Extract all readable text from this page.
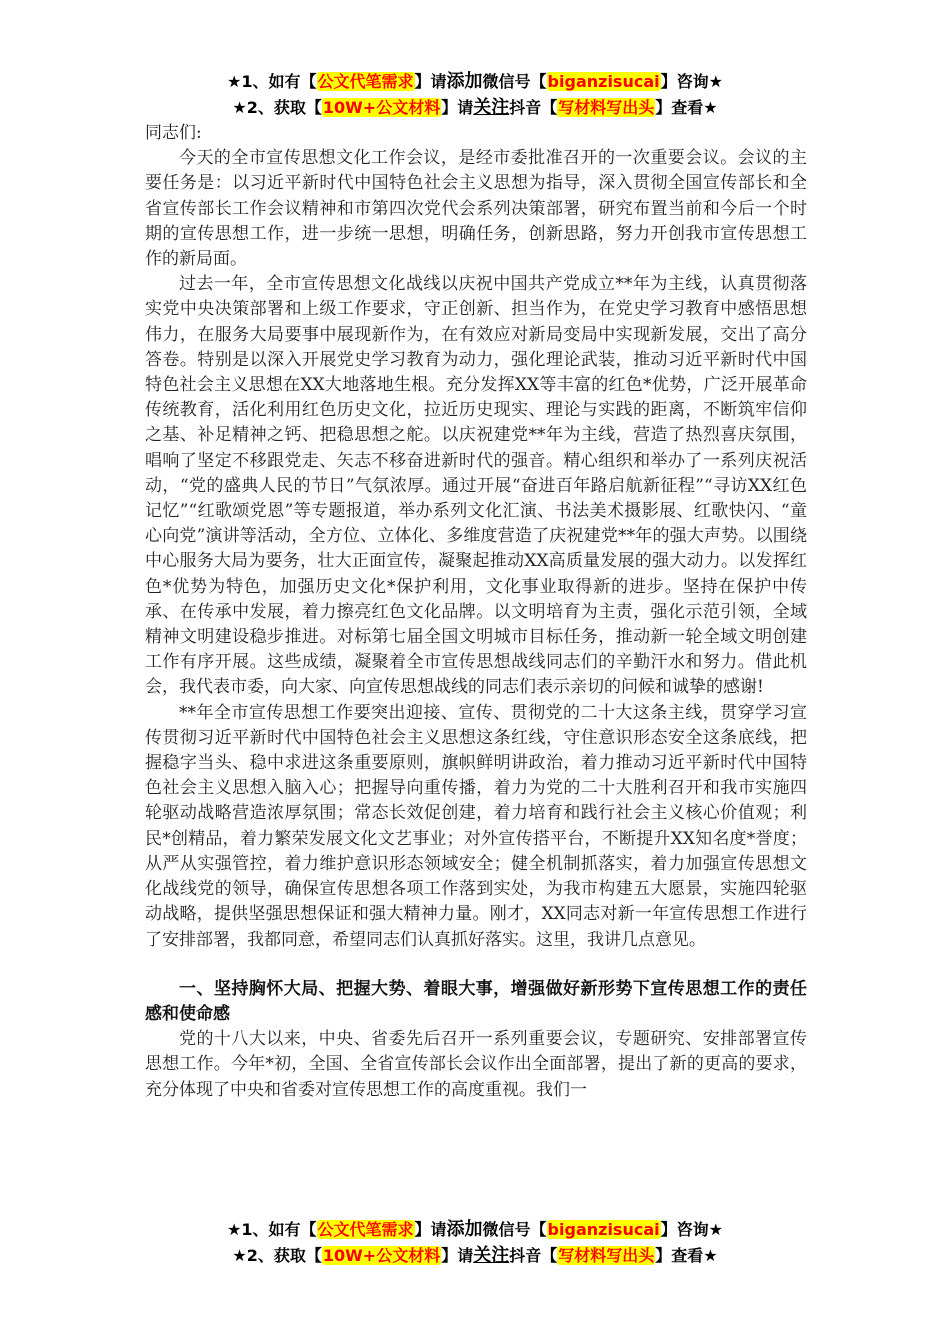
★1、如有【公文代笔需求】请添加微信号【biganzisucai】咨询★
★2、获取【10W+公文材料】请关注抖音【写材料写出头】查看★

同志们:

今天的全市宣传思想文化工作会议，是经市委批准召开的一次重要会议。会议的主要任务是：以习近平新时代中国特色社会主义思想为指导，深入贯彻全国宣传部长和全省宣传部长工作会议精神和市第四次党代会系列决策部署，研究布置当前和今后一个时期的宣传思想工作，进一步统一思想，明确任务，创新思路，努力开创我市宣传思想工作的新局面。

过去一年，全市宣传思想文化战线以庆祝中国共产党成立**年为主线，认真贯彻落实党中央决策部署和上级工作要求，守正创新、担当作为，在党史学习教育中感悟思想伟力，在服务大局要事中展现新作为，在有效应对新局变局中实现新发展，交出了高分答卷。特别是以深入开展党史学习教育为动力，强化理论武装，推动习近平新时代中国特色社会主义思想在XX大地落地生根。充分发挥XX等丰富的红色*优势，广泛开展革命传统教育，活化利用红色历史文化，拉近历史现实、理论与实践的距离，不断筑牢信仰之基、补足精神之钙、把稳思想之舵。以庆祝建党**年为主线，营造了热烈喜庆氛围，唱响了坚定不移跟党走、矢志不移奋进新时代的强音。精心组织和举办了一系列庆祝活动，“党的盛典人民的节日”气氛浓厚。通过开展“奋进百年路启航新征程”“寻访XX红色记忆”“红歌颂党恩”等专题报道，举办系列文化汇演、书法美术摄影展、红歌快闪、“童心向党”演讲等活动，全方位、立体化、多维度营造了庆祝建党**年的强大声势。以围绕中心服务大局为要务，壮大正面宣传，凝聚起推动XX高质量发展的强大动力。以发挥红色*优势为特色，加强历史文化*保护利用，文化事业取得新的进步。坚持在保护中传承、在传承中发展，着力擦亮红色文化品牌。以文明培育为主责，强化示范引领，全域精神文明建设稳步推进。对标第七届全国文明城市目标任务，推动新一轮全域文明创建工作有序开展。这些成绩，凝聚着全市宣传思想战线同志们的辛勤汗水和努力。借此机会，我代表市委，向大家、向宣传思想战线的同志们表示亲切的问候和诚挚的感谢!

**年全市宣传思想工作要突出迎接、宣传、贯彻党的二十大这条主线，贯穿学习宣传贯彻习近平新时代中国特色社会主义思想这条红线，守住意识形态安全这条底线，把握稳字当头、稳中求进这条重要原则，旗帜鲜明讲政治，着力推动习近平新时代中国特色社会主义思想入脑入心；把握导向重传播，着力为党的二十大胜利召开和我市实施四轮驱动战略营造浓厚氛围；常态长效促创建，着力培育和践行社会主义核心价值观；利民*创精品，着力繁荣发展文化文艺事业；对外宣传搭平台，不断提升XX知名度*誉度；从严从实强管控，着力维护意识形态领域安全；健全机制抓落实，着力加强宣传思想文化战线党的领导，确保宣传思想各项工作落到实处，为我市构建五大愿景，实施四轮驱动战略，提供坚强思想保证和强大精神力量。刚才，XX同志对新一年宣传思想工作进行了安排部署，我都同意，希望同志们认真抓好落实。这里，我讲几点意见。

一、坚持胸怀大局、把握大势、着眼大事，增强做好新形势下宣传思想工作的责任感和使命感

党的十八大以来，中央、省委先后召开一系列重要会议，专题研究、安排部署宣传思想工作。今年*初，全国、全省宣传部长会议作出全面部署，提出了新的更高的要求，充分体现了中央和省委对宣传思想工作的高度重视。我们一

★1、如有【公文代笔需求】请添加微信号【biganzisucai】咨询★
★2、获取【10W+公文材料】请关注抖音【写材料写出头】查看★
